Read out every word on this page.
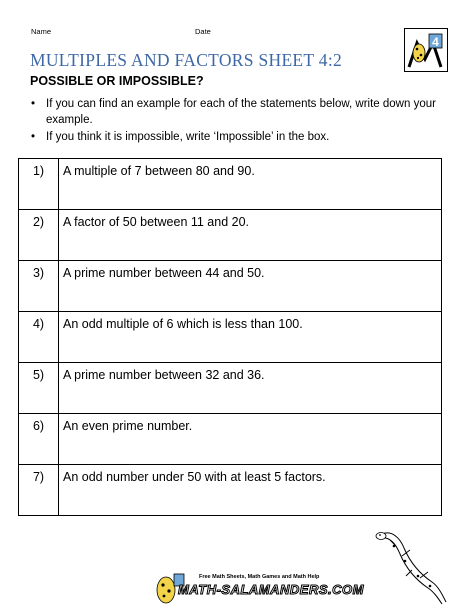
Name	Date
4
MULTIPLES AND FACTORS SHEET 4:2
POSSIBLE OR IMPOSSIBLE?
• If you can find an example for each of the statements below, write down your
example.
• If you think it is impossible, write ‘Impossible’ in the box.
1)	A multiple of 7 between 80 and 90.
2)	A factor of 50 between 11 and 20.
3)	A prime number between 44 and 50.
4)	An odd multiple of 6 which is less than 100.
5)	A prime number between 32 and 36.
6)	An even prime number.
7)	An odd number under 50 with at least 5 factors.
Free Math Sheets, Math Games and Math Help
MATH-SALAMANDERS.COM
